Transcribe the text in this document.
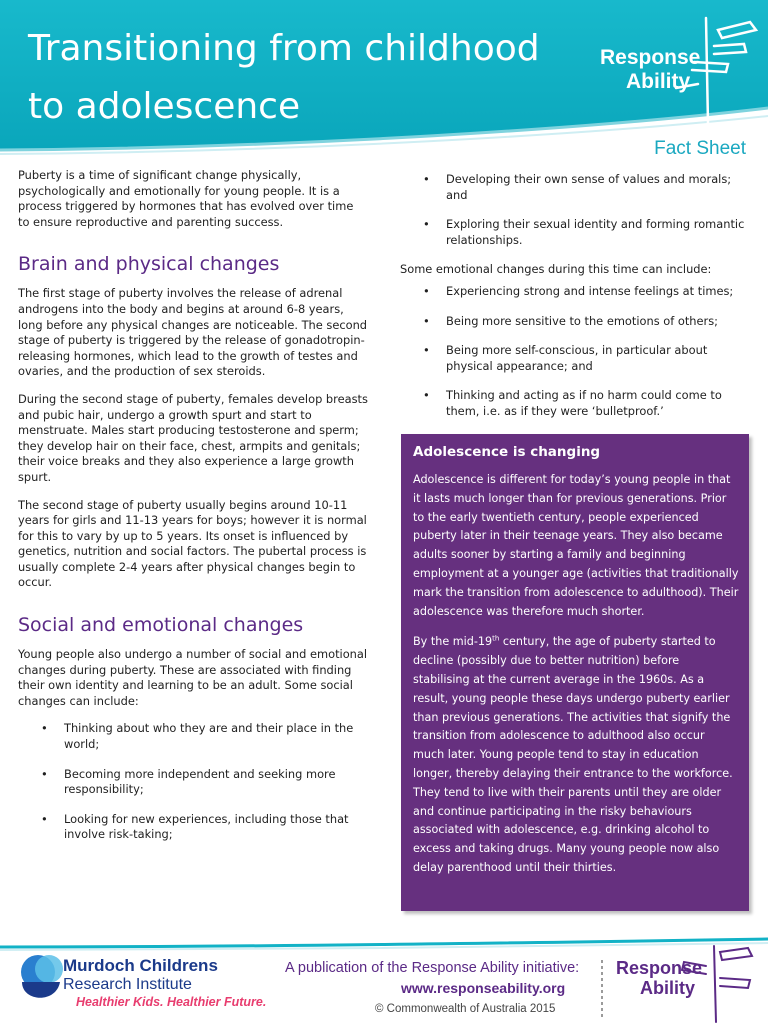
Transitioning from childhood
to adolescence
Response
Ability
Fact Sheet

Puberty is a time of significant change physically, psychologically and emotionally for young people. It is a process triggered by hormones that has evolved over time to ensure reproductive and parenting success.

Brain and physical changes

The first stage of puberty involves the release of adrenal androgens into the body and begins at around 6-8 years, long before any physical changes are noticeable. The second stage of puberty is triggered by the release of gonadotropin-releasing hormones, which lead to the growth of testes and ovaries, and the production of sex steroids.

During the second stage of puberty, females develop breasts and pubic hair, undergo a growth spurt and start to menstruate. Males start producing testosterone and sperm; they develop hair on their face, chest, armpits and genitals; their voice breaks and they also experience a large growth spurt.

The second stage of puberty usually begins around 10-11 years for girls and 11-13 years for boys; however it is normal for this to vary by up to 5 years. Its onset is influenced by genetics, nutrition and social factors. The pubertal process is usually complete 2-4 years after physical changes begin to occur.

Social and emotional changes

Young people also undergo a number of social and emotional changes during puberty. These are associated with finding their own identity and learning to be an adult. Some social changes can include:

• Thinking about who they are and their place in the world;
• Becoming more independent and seeking more responsibility;
• Looking for new experiences, including those that involve risk-taking;
• Developing their own sense of values and morals; and
• Exploring their sexual identity and forming romantic relationships.

Some emotional changes during this time can include:

• Experiencing strong and intense feelings at times;
• Being more sensitive to the emotions of others;
• Being more self-conscious, in particular about physical appearance; and
• Thinking and acting as if no harm could come to them, i.e. as if they were ‘bulletproof.’
Adolescence is changing

Adolescence is different for today’s young people in that it lasts much longer than for previous generations. Prior to the early twentieth century, people experienced puberty later in their teenage years. They also became adults sooner by starting a family and beginning employment at a younger age (activities that traditionally mark the transition from adolescence to adulthood). Their adolescence was therefore much shorter.

By the mid-19th century, the age of puberty started to decline (possibly due to better nutrition) before stabilising at the current average in the 1960s. As a result, young people these days undergo puberty earlier than previous generations. The activities that signify the transition from adolescence to adulthood also occur much later. Young people tend to stay in education longer, thereby delaying their entrance to the workforce. They tend to live with their parents until they are older and continue participating in the risky behaviours associated with adolescence, e.g. drinking alcohol to excess and taking drugs. Many young people now also delay parenthood until their thirties.

Murdoch Childrens
Research Institute
Healthier Kids. Healthier Future.
A publication of the Response Ability initiative:
www.responseability.org
© Commonwealth of Australia 2015
Response
Ability
